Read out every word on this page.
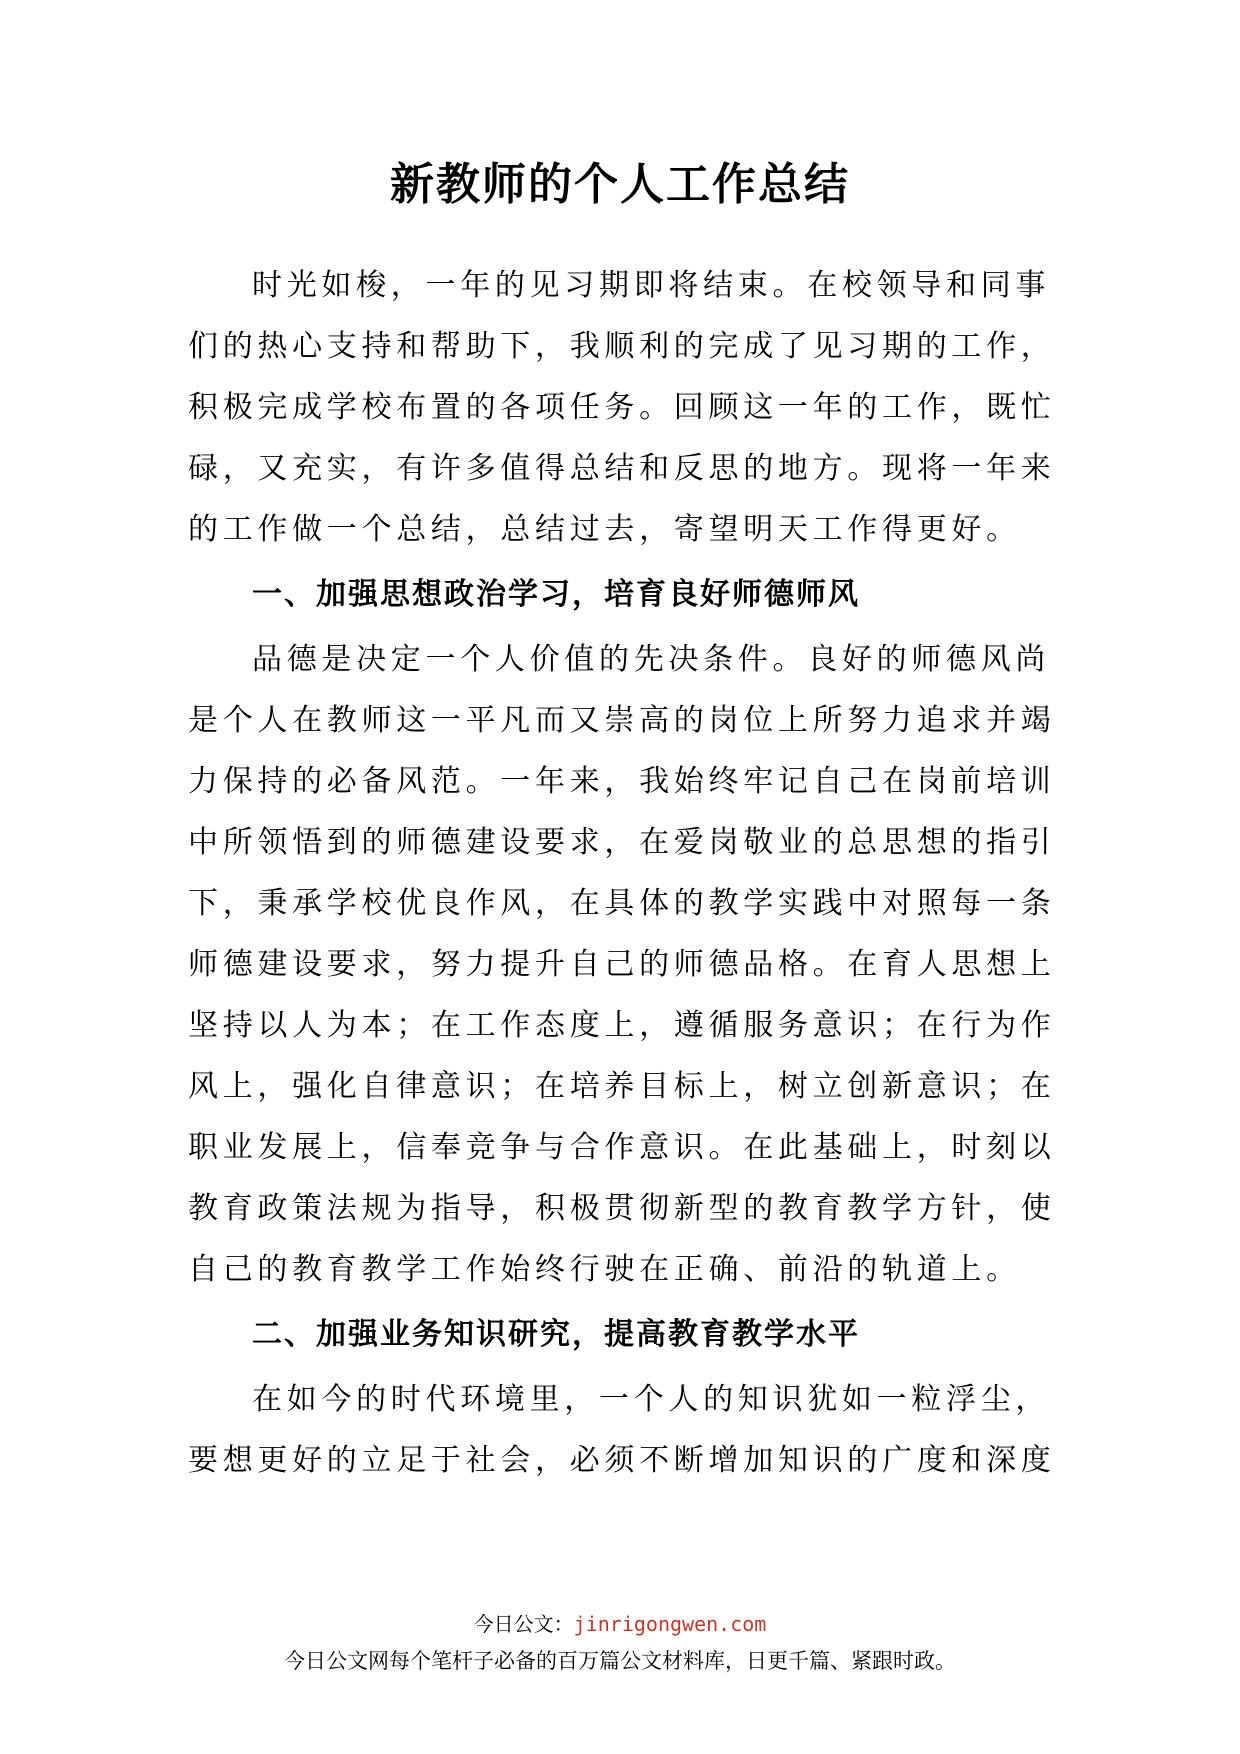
新教师的个人工作总结
时光如梭，一年的见习期即将结束。在校领导和同事
们的热心支持和帮助下，我顺利的完成了见习期的工作，
积极完成学校布置的各项任务。回顾这一年的工作，既忙
碌，又充实，有许多值得总结和反思的地方。现将一年来
的工作做一个总结，总结过去，寄望明天工作得更好。
一、加强思想政治学习，培育良好师德师风
品德是决定一个人价值的先决条件。良好的师德风尚
是个人在教师这一平凡而又崇高的岗位上所努力追求并竭
力保持的必备风范。一年来，我始终牢记自己在岗前培训
中所领悟到的师德建设要求，在爱岗敬业的总思想的指引
下，秉承学校优良作风，在具体的教学实践中对照每一条
师德建设要求，努力提升自己的师德品格。在育人思想上
坚持以人为本；在工作态度上，遵循服务意识；在行为作
风上，强化自律意识；在培养目标上，树立创新意识；在
职业发展上，信奉竞争与合作意识。在此基础上，时刻以
教育政策法规为指导，积极贯彻新型的教育教学方针，使
自己的教育教学工作始终行驶在正确、前沿的轨道上。
二、加强业务知识研究，提高教育教学水平
在如今的时代环境里，一个人的知识犹如一粒浮尘，
要想更好的立足于社会，必须不断增加知识的广度和深度
今日公文：jinrigongwen.com
今日公文网每个笔杆子必备的百万篇公文材料库，日更千篇、紧跟时政。
